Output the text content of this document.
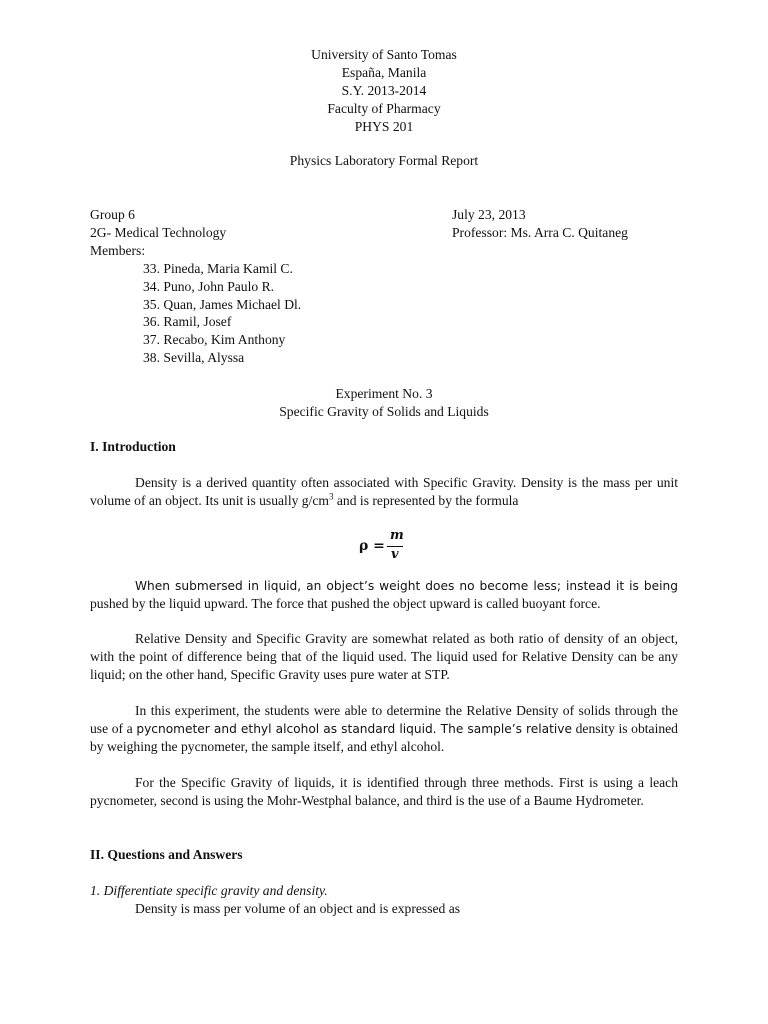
University of Santo Tomas
España, Manila
S.Y. 2013-2014
Faculty of Pharmacy
PHYS 201
Physics Laboratory Formal Report
Group 6
2G- Medical Technology
Members:
July 23, 2013
Professor: Ms. Arra C. Quitaneg
33. Pineda, Maria Kamil C.
34. Puno, John Paulo R.
35. Quan, James Michael Dl.
36. Ramil, Josef
37. Recabo, Kim Anthony
38. Sevilla, Alyssa
Experiment No. 3
Specific Gravity of Solids and Liquids
I. Introduction
Density is a derived quantity often associated with Specific Gravity. Density is the mass per unit volume of an object. Its unit is usually $g/cm^3$ and is represented by the formula
ρ =
m
v
When submersed in liquid, an object’s weight does no become less; instead it is being pushed by the liquid upward. The force that pushed the object upward is called buoyant force.
Relative Density and Specific Gravity are somewhat related as both ratio of density of an object, with the point of difference being that of the liquid used. The liquid used for Relative Density can be any liquid; on the other hand, Specific Gravity uses pure water at STP.
In this experiment, the students were able to determine the Relative Density of solids through the use of a pycnometer and ethyl alcohol as standard liquid. The sample’s relative density is obtained by weighing the pycnometer, the sample itself, and ethyl alcohol.
For the Specific Gravity of liquids, it is identified through three methods. First is using a leach pycnometer, second is using the Mohr-Westphal balance, and third is the use of a Baume Hydrometer.
II. Questions and Answers
1. Differentiate specific gravity and density.
Density is mass per volume of an object and is expressed as
